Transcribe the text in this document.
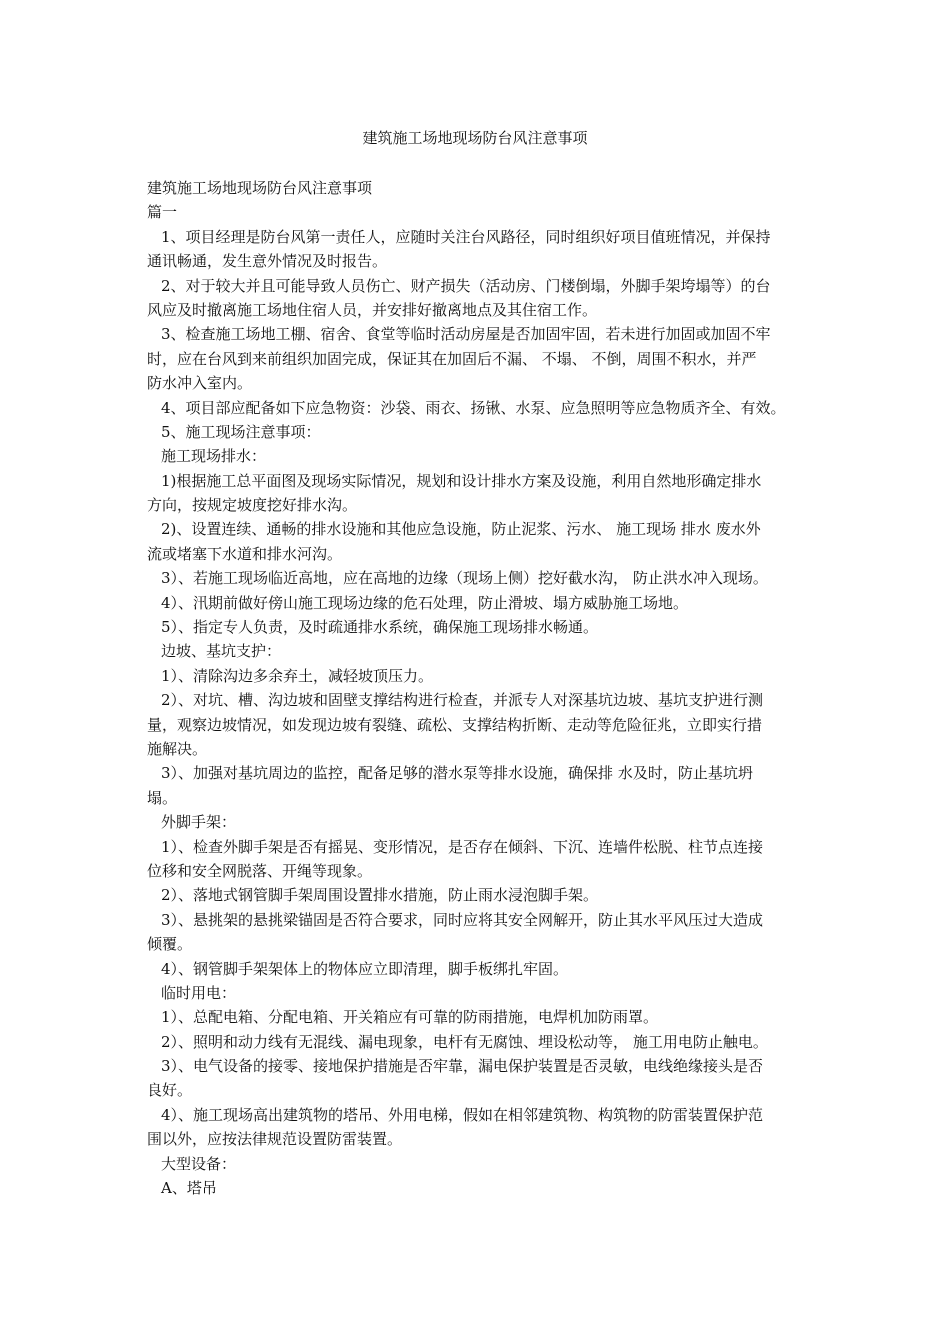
建筑施工场地现场防台风注意事项
建筑施工场地现场防台风注意事项
篇一
1、项目经理是防台风第一责任人，应随时关注台风路径，同时组织好项目值班情况，并保持
通讯畅通，发生意外情况及时报告。
2、对于较大并且可能导致人员伤亡、财产损失（活动房、门楼倒塌，外脚手架垮塌等）的台
风应及时撤离施工场地住宿人员，并安排好撤离地点及其住宿工作。
3、检查施工场地工棚、宿舍、食堂等临时活动房屋是否加固牢固，若未进行加固或加固不牢
时，应在台风到来前组织加固完成，保证其在加固后不漏、 不塌、 不倒，周围不积水，并严
防水冲入室内。
4、项目部应配备如下应急物资：沙袋、雨衣、扬锹、水泵、应急照明等应急物质齐全、有效。
5、施工现场注意事项：
施工现场排水：
1)根据施工总平面图及现场实际情况，规划和设计排水方案及设施，利用自然地形确定排水
方向，按规定坡度挖好排水沟。
2)、设置连续、通畅的排水设施和其他应急设施，防止泥浆、污水、 施工现场 排水 废水外
流或堵塞下水道和排水河沟。
3）、若施工现场临近高地，应在高地的边缘（现场上侧）挖好截水沟， 防止洪水冲入现场。
4）、汛期前做好傍山施工现场边缘的危石处理，防止滑坡、塌方威胁施工场地。
5）、指定专人负责，及时疏通排水系统，确保施工现场排水畅通。
边坡、基坑支护：
1）、清除沟边多余弃土，减轻坡顶压力。
2）、对坑、槽、沟边坡和固壁支撑结构进行检查，并派专人对深基坑边坡、基坑支护进行测
量，观察边坡情况，如发现边坡有裂缝、疏松、支撑结构折断、走动等危险征兆，立即实行措
施解决。
3）、加强对基坑周边的监控，配备足够的潜水泵等排水设施，确保排 水及时，防止基坑坍
塌。
外脚手架：
1）、检查外脚手架是否有摇晃、变形情况，是否存在倾斜、下沉、连墙件松脱、柱节点连接
位移和安全网脱落、开绳等现象。
2）、落地式钢管脚手架周围设置排水措施，防止雨水浸泡脚手架。
3）、悬挑架的悬挑梁锚固是否符合要求，同时应将其安全网解开，防止其水平风压过大造成
倾覆。
4）、钢管脚手架架体上的物体应立即清理，脚手板绑扎牢固。
临时用电：
1）、总配电箱、分配电箱、开关箱应有可靠的防雨措施，电焊机加防雨罩。
2）、照明和动力线有无混线、漏电现象，电杆有无腐蚀、埋设松动等， 施工用电防止触电。
3）、电气设备的接零、接地保护措施是否牢靠，漏电保护装置是否灵敏，电线绝缘接头是否
良好。
4）、施工现场高出建筑物的塔吊、外用电梯，假如在相邻建筑物、构筑物的防雷装置保护范
围以外，应按法律规范设置防雷装置。
大型设备：
A、塔吊
